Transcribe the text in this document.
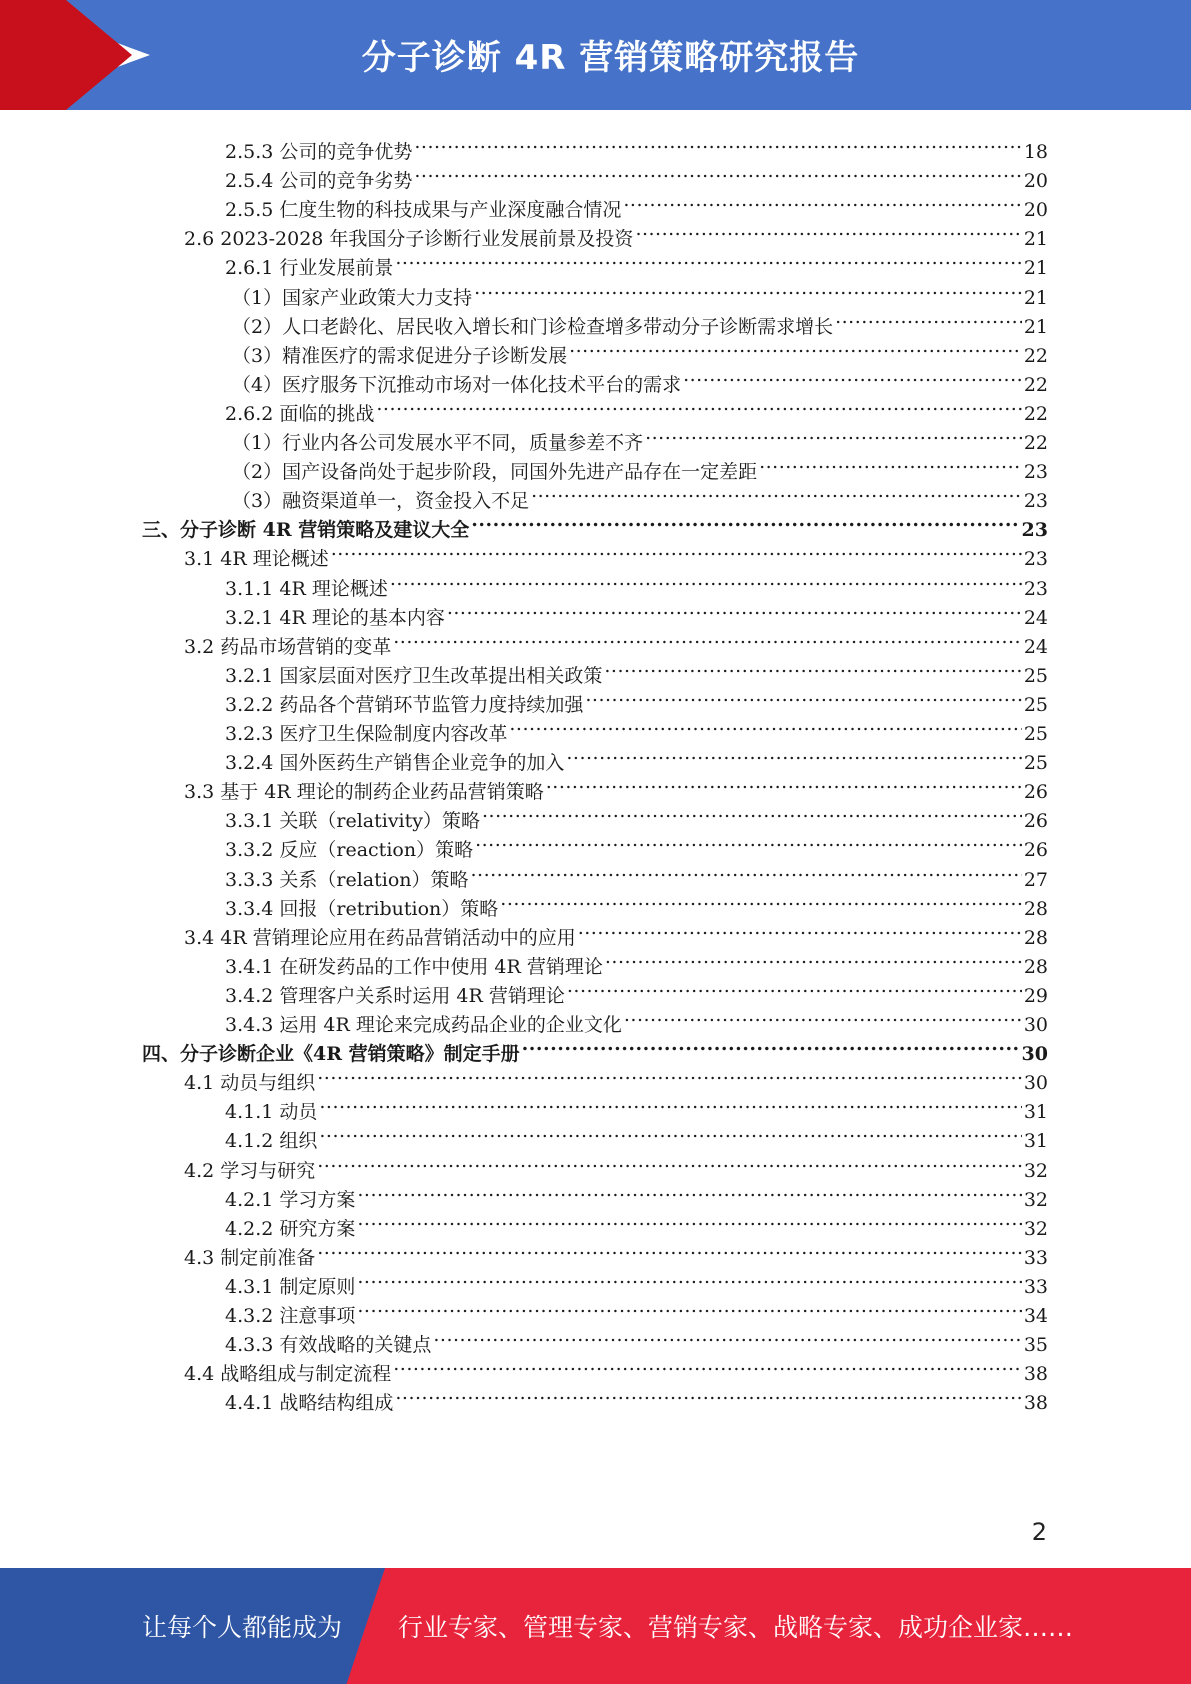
分子诊断 4R 营销策略研究报告
2.5.3 公司的竞争优势 .....	18
2.5.4 公司的竞争劣势 .....	20
2.5.5 仁度生物的科技成果与产业深度融合情况 .....	20
2.6 2023-2028 年我国分子诊断行业发展前景及投资 .....	21
2.6.1 行业发展前景 .....	21
（1）国家产业政策大力支持 .....	21
（2）人口老龄化、居民收入增长和门诊检查增多带动分子诊断需求增长 .....	21
（3）精准医疗的需求促进分子诊断发展 .....	22
（4）医疗服务下沉推动市场对一体化技术平台的需求 .....	22
2.6.2 面临的挑战 .....	22
（1）行业内各公司发展水平不同，质量参差不齐 .....	22
（2）国产设备尚处于起步阶段，同国外先进产品存在一定差距 .....	23
（3）融资渠道单一，资金投入不足 .....	23
三、分子诊断 4R 营销策略及建议大全 .....	23
3.1 4R 理论概述 .....	23
3.1.1 4R 理论概述 .....	23
3.2.1 4R 理论的基本内容 .....	24
3.2 药品市场营销的变革 .....	24
3.2.1 国家层面对医疗卫生改革提出相关政策 .....	25
3.2.2 药品各个营销环节监管力度持续加强 .....	25
3.2.3 医疗卫生保险制度内容改革 .....	25
3.2.4 国外医药生产销售企业竞争的加入 .....	25
3.3 基于 4R 理论的制药企业药品营销策略 .....	26
3.3.1 关联（relativity）策略 .....	26
3.3.2 反应（reaction）策略 .....	26
3.3.3 关系（relation）策略 .....	27
3.3.4 回报（retribution）策略 .....	28
3.4 4R 营销理论应用在药品营销活动中的应用 .....	28
3.4.1 在研发药品的工作中使用 4R 营销理论 .....	28
3.4.2 管理客户关系时运用 4R 营销理论 .....	29
3.4.3 运用 4R 理论来完成药品企业的企业文化 .....	30
四、分子诊断企业《4R 营销策略》制定手册 .....	30
4.1 动员与组织 .....	30
4.1.1 动员 .....	31
4.1.2 组织 .....	31
4.2 学习与研究 .....	32
4.2.1 学习方案 .....	32
4.2.2 研究方案 .....	32
4.3 制定前准备 .....	33
4.3.1 制定原则 .....	33
4.3.2 注意事项 .....	34
4.3.3 有效战略的关键点 .....	35
4.4 战略组成与制定流程 .....	38
4.4.1 战略结构组成 .....	38
2
让每个人都能成为 行业专家、管理专家、营销专家、战略专家、成功企业家……
